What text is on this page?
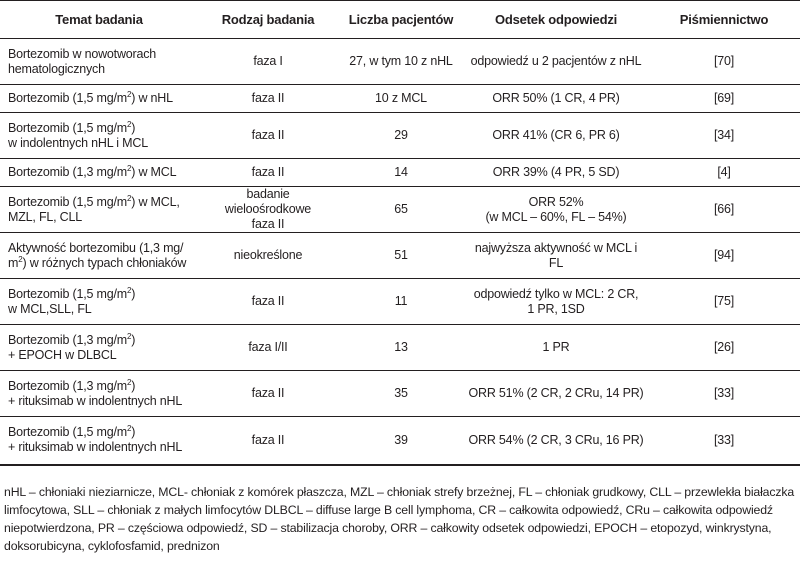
Temat badania	Rodzaj badania	Liczba pacjentów	Odsetek odpowiedzi	Piśmiennictwo
Bortezomib w nowotworach
hematologicznych	faza I	27, w tym 10 z nHL	odpowiedź u 2 pacjentów z nHL	[70]
Bortezomib (1,5 $mg/m^2$) w nHL	faza II	10 z MCL	ORR 50% (1 CR, 4 PR)	[69]
Bortezomib (1,5 $mg/m^2$)
w indolentnych nHL i MCL	faza II	29	ORR 41% (CR 6, PR 6)	[34]
Bortezomib (1,3 $mg/m^2$) w MCL	faza II	14	ORR 39% (4 PR, 5 SD)	[4]
Bortezomib (1,5 $mg/m^2$) w MCL,
MZL, FL, CLL	badanie wieloośrodkowe
faza II	65	ORR 52%
(w MCL – 60%, FL – 54%)	[66]
Aktywność bortezomibu (1,3 mg/
$m^2$) w różnych typach chłoniaków	nieokreślone	51	najwyższa aktywność w MCL i FL	[94]
Bortezomib (1,5 $mg/m^2$)
w MCL,SLL, FL	faza II	11	odpowiedź tylko w MCL: 2 CR,
1 PR, 1SD	[75]
Bortezomib (1,3 $mg/m^2$)
+ EPOCH w DLBCL	faza I/II	13	1 PR	[26]
Bortezomib (1,3 $mg/m^2$)
+ rituksimab w indolentnych nHL	faza II	35	ORR 51% (2 CR, 2 CRu, 14 PR)	[33]
Bortezomib (1,5 $mg/m^2$)
+ rituksimab w indolentnych nHL	faza II	39	ORR 54% (2 CR, 3 CRu, 16 PR)	[33]
nHL – chłoniaki nieziarnicze, MCL- chłoniak z komórek płaszcza, MZL – chłoniak strefy brzeżnej, FL – chłoniak grudkowy, CLL – przewlekła białaczka
limfocytowa, SLL – chłoniak z małych limfocytów DLBCL – diffuse large B cell lymphoma, CR – całkowita odpowiedź, CRu – całkowita odpowiedź
niepotwierdzona, PR – częściowa odpowiedź, SD – stabilizacja choroby, ORR – całkowity odsetek odpowiedzi, EPOCH – etopozyd, winkrystyna,
doksorubicyna, cyklofosfamid, prednizon
